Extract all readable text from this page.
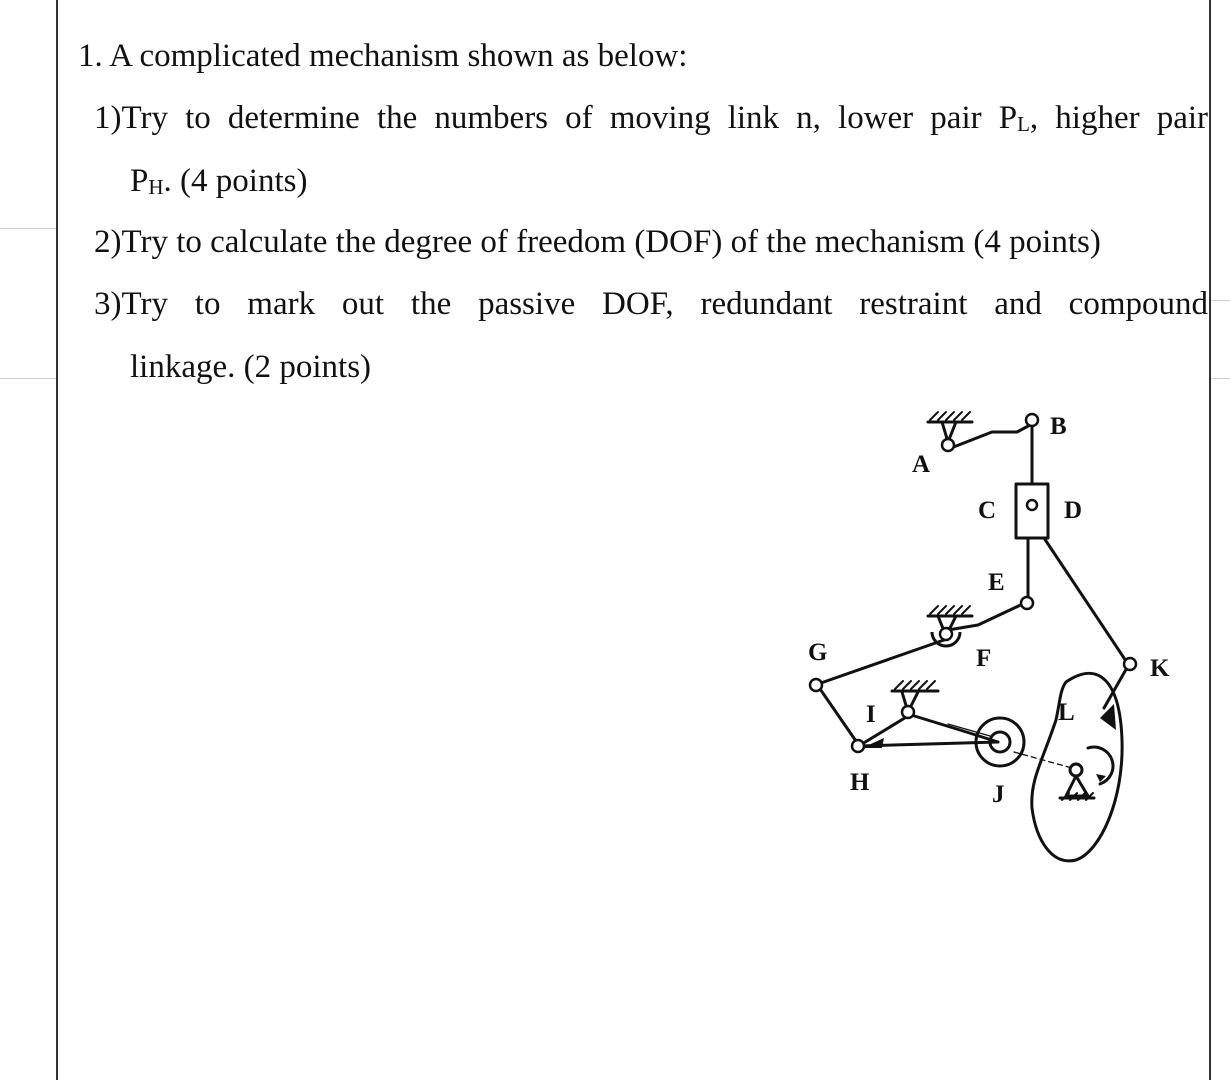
1. A complicated mechanism shown as below:
1)Try to determine the numbers of moving link n, lower pair $P_L$, higher pair
$P_H$. (4 points)
2)Try to calculate the degree of freedom (DOF) of the mechanism (4 points)
3)Try to mark out the passive DOF, redundant restraint and compound
linkage. (2 points)
A
B
C	D
E
F
G
H
I
J
K
L
